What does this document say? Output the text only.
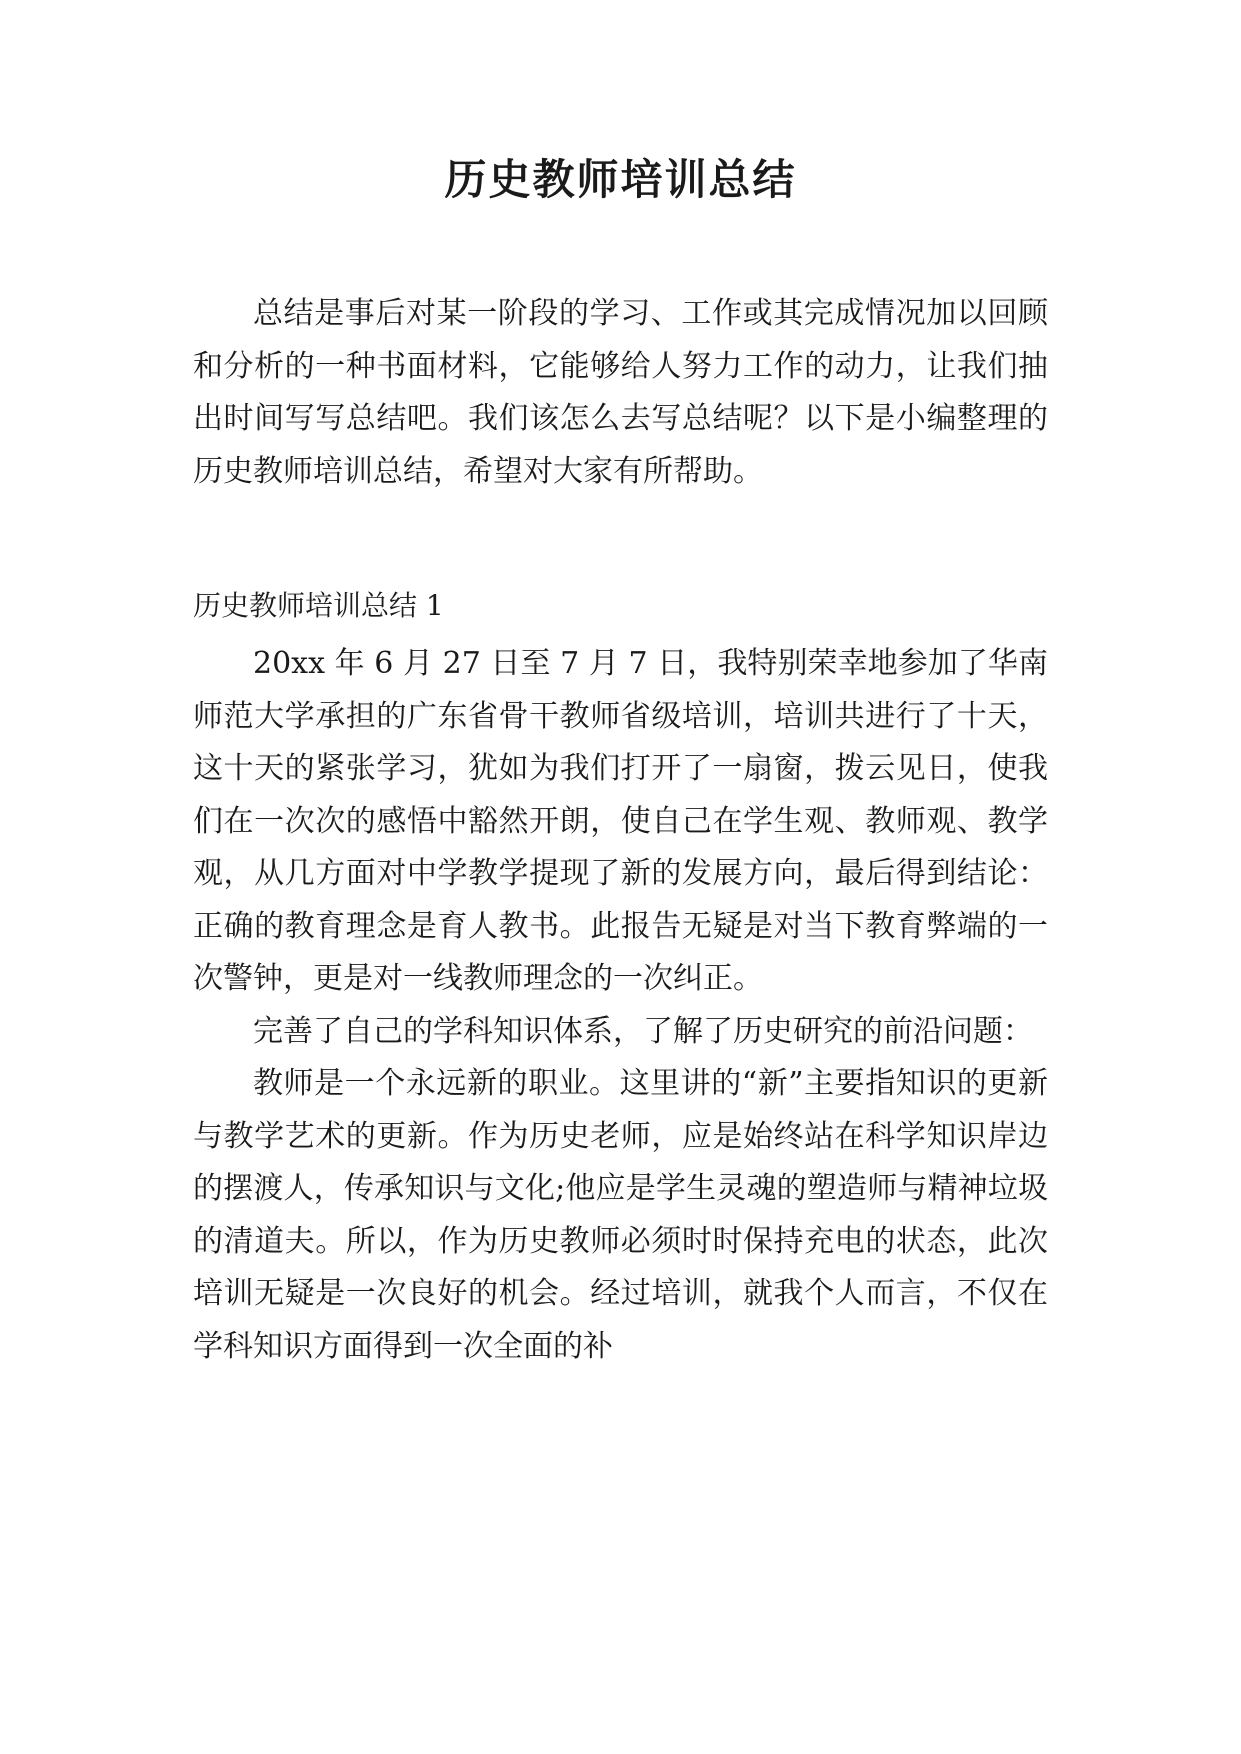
历史教师培训总结

总结是事后对某一阶段的学习、工作或其完成情况加以回顾和分析的一种书面材料，它能够给人努力工作的动力，让我们抽出时间写写总结吧。我们该怎么去写总结呢？以下是小编整理的历史教师培训总结，希望对大家有所帮助。

历史教师培训总结 1

20xx 年 6 月 27 日至 7 月 7 日，我特别荣幸地参加了华南师范大学承担的广东省骨干教师省级培训，培训共进行了十天，这十天的紧张学习，犹如为我们打开了一扇窗，拨云见日，使我们在一次次的感悟中豁然开朗，使自己在学生观、教师观、教学观，从几方面对中学教学提现了新的发展方向，最后得到结论：正确的教育理念是育人教书。此报告无疑是对当下教育弊端的一次警钟，更是对一线教师理念的一次纠正。

完善了自己的学科知识体系，了解了历史研究的前沿问题：

教师是一个永远新的职业。这里讲的“新”主要指知识的更新与教学艺术的更新。作为历史老师，应是始终站在科学知识岸边的摆渡人，传承知识与文化;他应是学生灵魂的塑造师与精神垃圾的清道夫。所以，作为历史教师必须时时保持充电的状态，此次培训无疑是一次良好的机会。经过培训，就我个人而言，不仅在学科知识方面得到一次全面的补
